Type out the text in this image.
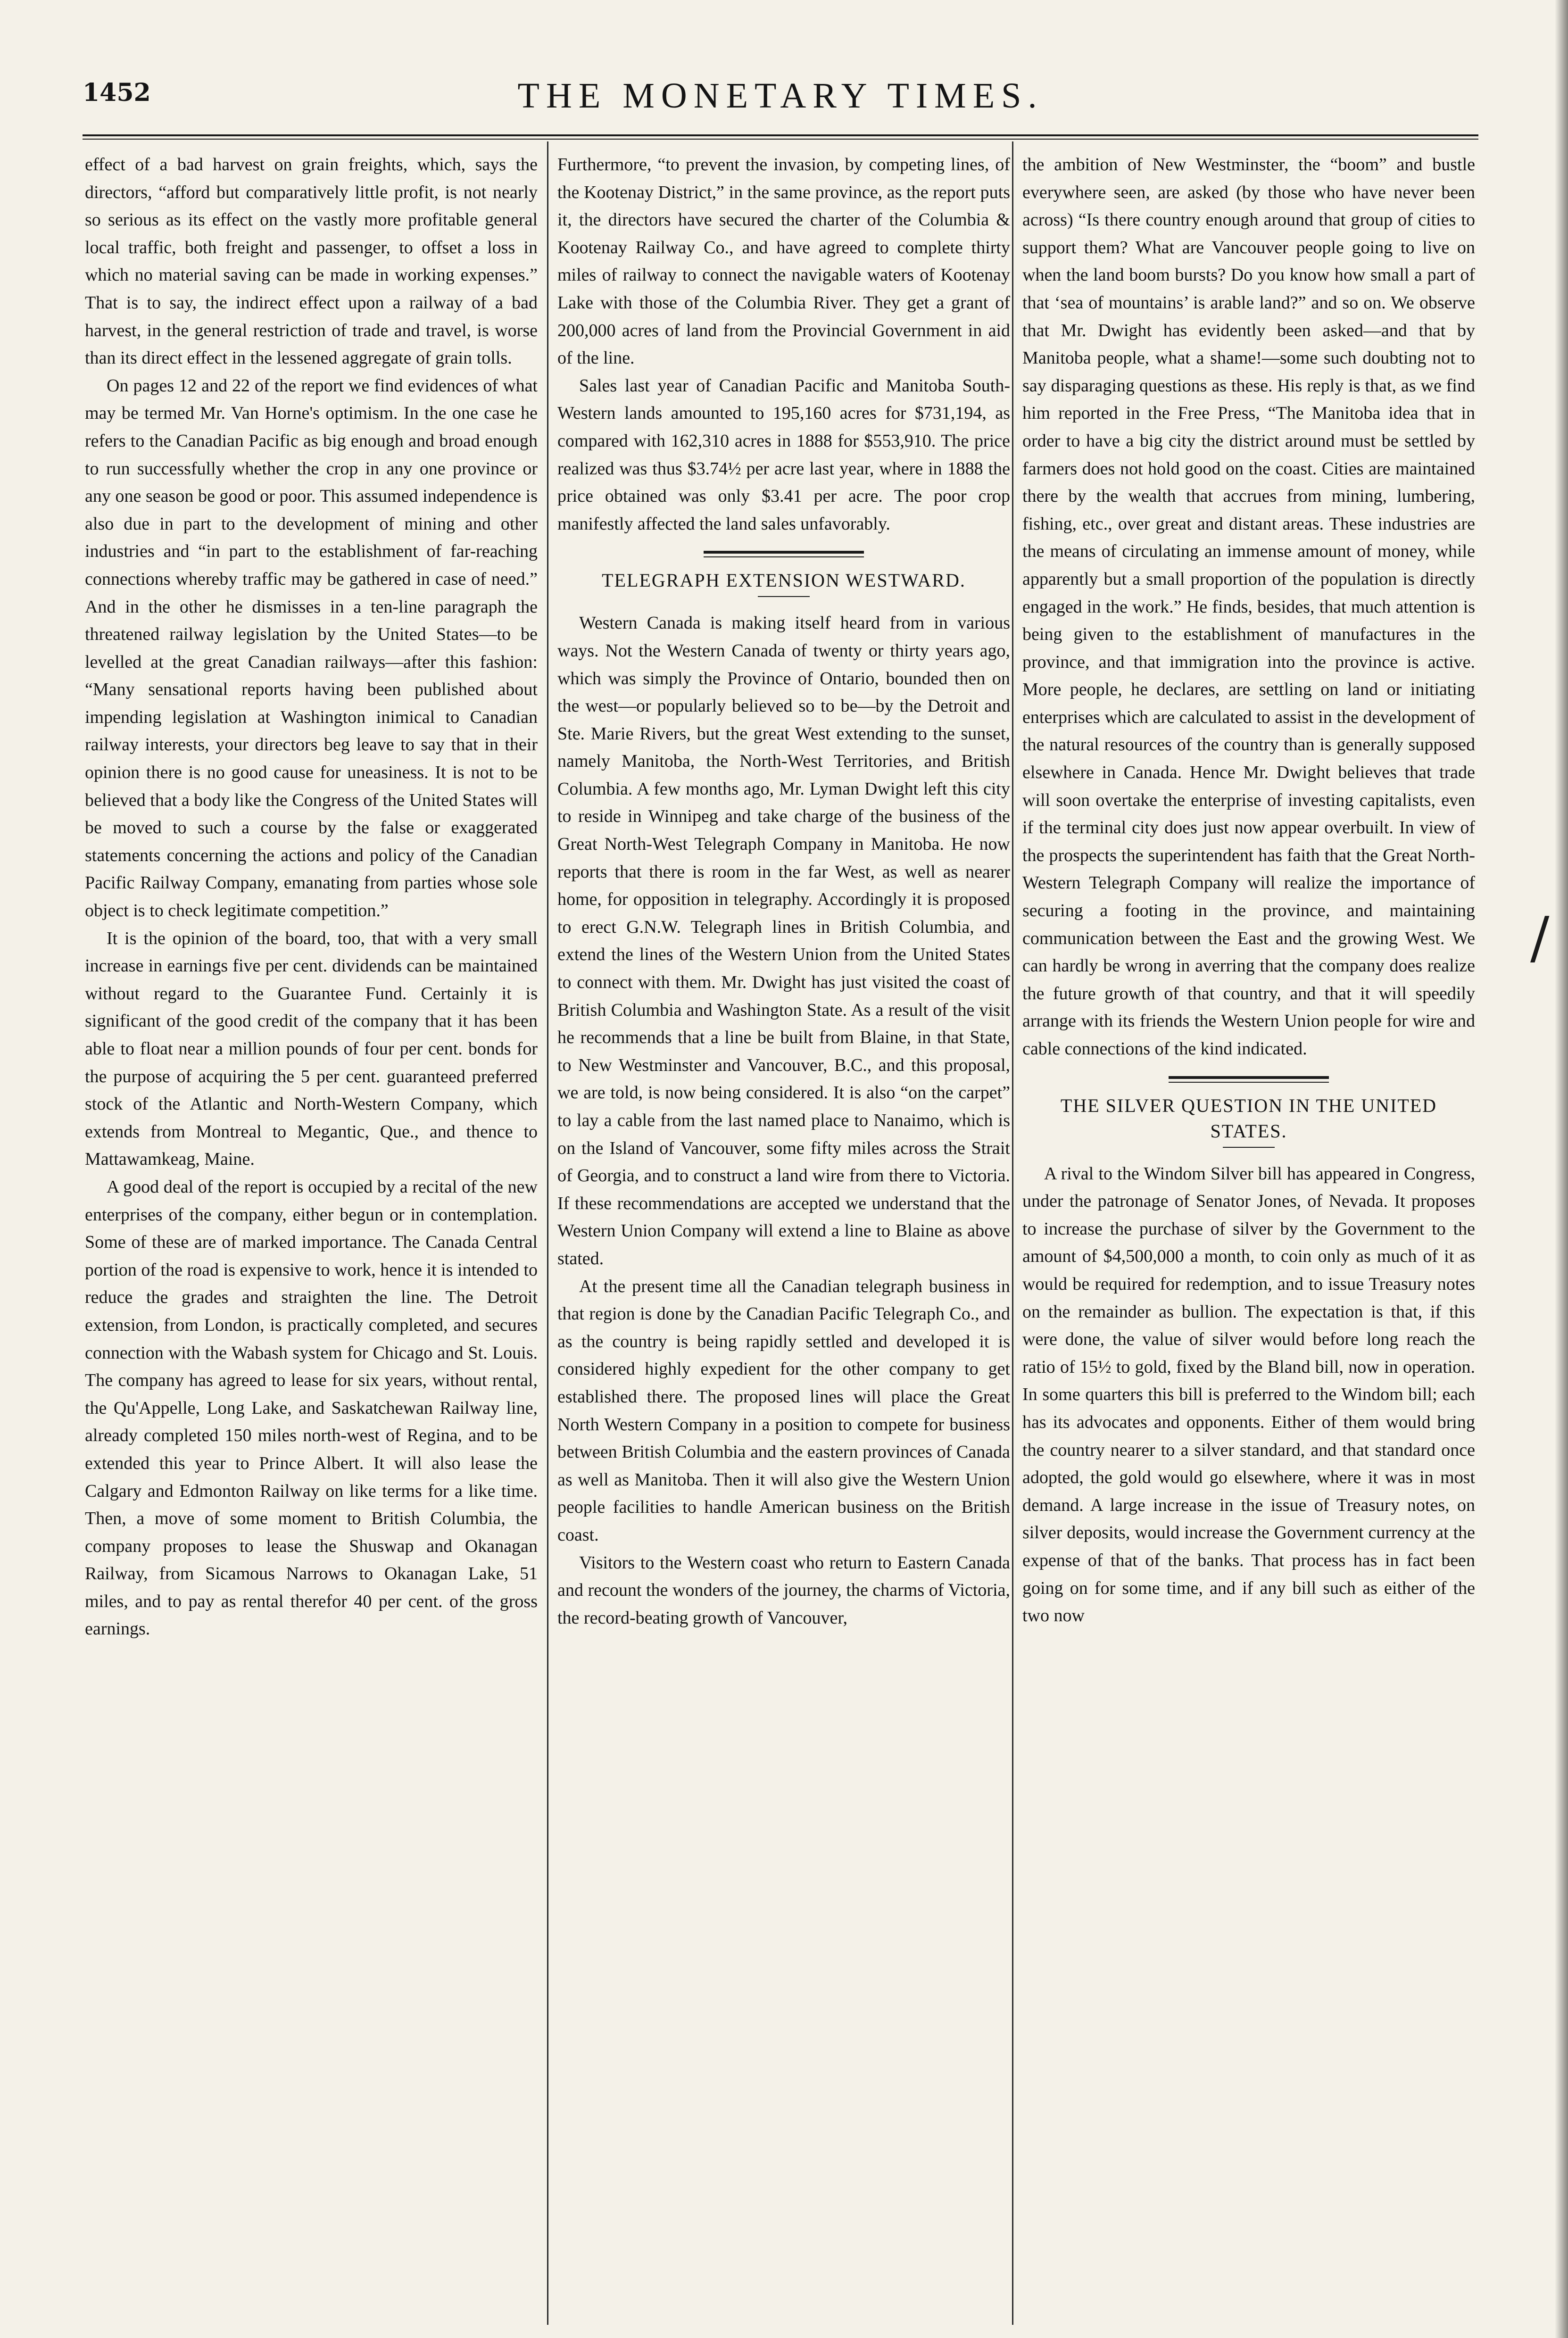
1452	THE MONETARY TIMES.

effect of a bad harvest on grain freights, which, says the directors, “afford but comparatively little profit, is not nearly so serious as its effect on the vastly more profitable general local traffic, both freight and passenger, to offset a loss in which no material saving can be made in working expenses.” That is to say, the indirect effect upon a railway of a bad harvest, in the general restriction of trade and travel, is worse than its direct effect in the lessened aggregate of grain tolls.

On pages 12 and 22 of the report we find evidences of what may be termed Mr. Van Horne's optimism. In the one case he refers to the Canadian Pacific as big enough and broad enough to run successfully whether the crop in any one province or any one season be good or poor. This assumed independence is also due in part to the development of mining and other industries and “in part to the establishment of far-reaching connections whereby traffic may be gathered in case of need.” And in the other he dismisses in a ten-line paragraph the threatened railway legislation by the United States—to be levelled at the great Canadian railways—after this fashion: “Many sensational reports having been published about impending legislation at Washington inimical to Canadian railway interests, your directors beg leave to say that in their opinion there is no good cause for uneasiness. It is not to be believed that a body like the Congress of the United States will be moved to such a course by the false or exaggerated statements concerning the actions and policy of the Canadian Pacific Railway Company, emanating from parties whose sole object is to check legitimate competition.”

It is the opinion of the board, too, that with a very small increase in earnings five per cent. dividends can be maintained without regard to the Guarantee Fund. Certainly it is significant of the good credit of the company that it has been able to float near a million pounds of four per cent. bonds for the purpose of acquiring the 5 per cent. guaranteed preferred stock of the Atlantic and North-Western Company, which extends from Montreal to Megantic, Que., and thence to Mattawamkeag, Maine.

A good deal of the report is occupied by a recital of the new enterprises of the company, either begun or in contemplation. Some of these are of marked importance. The Canada Central portion of the road is expensive to work, hence it is intended to reduce the grades and straighten the line. The Detroit extension, from London, is practically completed, and secures connection with the Wabash system for Chicago and St. Louis. The company has agreed to lease for six years, without rental, the Qu'Appelle, Long Lake, and Saskatchewan Railway line, already completed 150 miles north-west of Regina, and to be extended this year to Prince Albert. It will also lease the Calgary and Edmonton Railway on like terms for a like time. Then, a move of some moment to British Columbia, the company proposes to lease the Shuswap and Okanagan Railway, from Sicamous Narrows to Okanagan Lake, 51 miles, and to pay as rental therefor 40 per cent. of the gross earnings.

Furthermore, “to prevent the invasion, by competing lines, of the Kootenay District,” in the same province, as the report puts it, the directors have secured the charter of the Columbia & Kootenay Railway Co., and have agreed to complete thirty miles of railway to connect the navigable waters of Kootenay Lake with those of the Columbia River. They get a grant of 200,000 acres of land from the Provincial Government in aid of the line.

Sales last year of Canadian Pacific and Manitoba South-Western lands amounted to 195,160 acres for $731,194, as compared with 162,310 acres in 1888 for $553,910. The price realized was thus $3.74½ per acre last year, where in 1888 the price obtained was only $3.41 per acre. The poor crop manifestly affected the land sales unfavorably.

TELEGRAPH EXTENSION WESTWARD.

Western Canada is making itself heard from in various ways. Not the Western Canada of twenty or thirty years ago, which was simply the Province of Ontario, bounded then on the west—or popularly believed so to be—by the Detroit and Ste. Marie Rivers, but the great West extending to the sunset, namely Manitoba, the North-West Territories, and British Columbia. A few months ago, Mr. Lyman Dwight left this city to reside in Winnipeg and take charge of the business of the Great North-West Telegraph Company in Manitoba. He now reports that there is room in the far West, as well as nearer home, for opposition in telegraphy. Accordingly it is proposed to erect G.N.W. Telegraph lines in British Columbia, and extend the lines of the Western Union from the United States to connect with them. Mr. Dwight has just visited the coast of British Columbia and Washington State. As a result of the visit he recommends that a line be built from Blaine, in that State, to New Westminster and Vancouver, B.C., and this proposal, we are told, is now being considered. It is also “on the carpet” to lay a cable from the last named place to Nanaimo, which is on the Island of Vancouver, some fifty miles across the Strait of Georgia, and to construct a land wire from there to Victoria. If these recommendations are accepted we understand that the Western Union Company will extend a line to Blaine as above stated.

At the present time all the Canadian telegraph business in that region is done by the Canadian Pacific Telegraph Co., and as the country is being rapidly settled and developed it is considered highly expedient for the other company to get established there. The proposed lines will place the Great North Western Company in a position to compete for business between British Columbia and the eastern provinces of Canada as well as Manitoba. Then it will also give the Western Union people facilities to handle American business on the British coast.

Visitors to the Western coast who return to Eastern Canada and recount the wonders of the journey, the charms of Victoria, the record-beating growth of Vancouver,

the ambition of New Westminster, the “boom” and bustle everywhere seen, are asked (by those who have never been across) “Is there country enough around that group of cities to support them? What are Vancouver people going to live on when the land boom bursts? Do you know how small a part of that ‘sea of mountains’ is arable land?” and so on. We observe that Mr. Dwight has evidently been asked—and that by Manitoba people, what a shame!—some such doubting not to say disparaging questions as these. His reply is that, as we find him reported in the Free Press, “The Manitoba idea that in order to have a big city the district around must be settled by farmers does not hold good on the coast. Cities are maintained there by the wealth that accrues from mining, lumbering, fishing, etc., over great and distant areas. These industries are the means of circulating an immense amount of money, while apparently but a small proportion of the population is directly engaged in the work.” He finds, besides, that much attention is being given to the establishment of manufactures in the province, and that immigration into the province is active. More people, he declares, are settling on land or initiating enterprises which are calculated to assist in the development of the natural resources of the country than is generally supposed elsewhere in Canada. Hence Mr. Dwight believes that trade will soon overtake the enterprise of investing capitalists, even if the terminal city does just now appear overbuilt. In view of the prospects the superintendent has faith that the Great North-Western Telegraph Company will realize the importance of securing a footing in the province, and maintaining communication between the East and the growing West. We can hardly be wrong in averring that the company does realize the future growth of that country, and that it will speedily arrange with its friends the Western Union people for wire and cable connections of the kind indicated.

THE SILVER QUESTION IN THE UNITED STATES.

A rival to the Windom Silver bill has appeared in Congress, under the patronage of Senator Jones, of Nevada. It proposes to increase the purchase of silver by the Government to the amount of $4,500,000 a month, to coin only as much of it as would be required for redemption, and to issue Treasury notes on the remainder as bullion. The expectation is that, if this were done, the value of silver would before long reach the ratio of 15½ to gold, fixed by the Bland bill, now in operation. In some quarters this bill is preferred to the Windom bill; each has its advocates and opponents. Either of them would bring the country nearer to a silver standard, and that standard once adopted, the gold would go elsewhere, where it was in most demand. A large increase in the issue of Treasury notes, on silver deposits, would increase the Government currency at the expense of that of the banks. That process has in fact been going on for some time, and if any bill such as either of the two now

/
